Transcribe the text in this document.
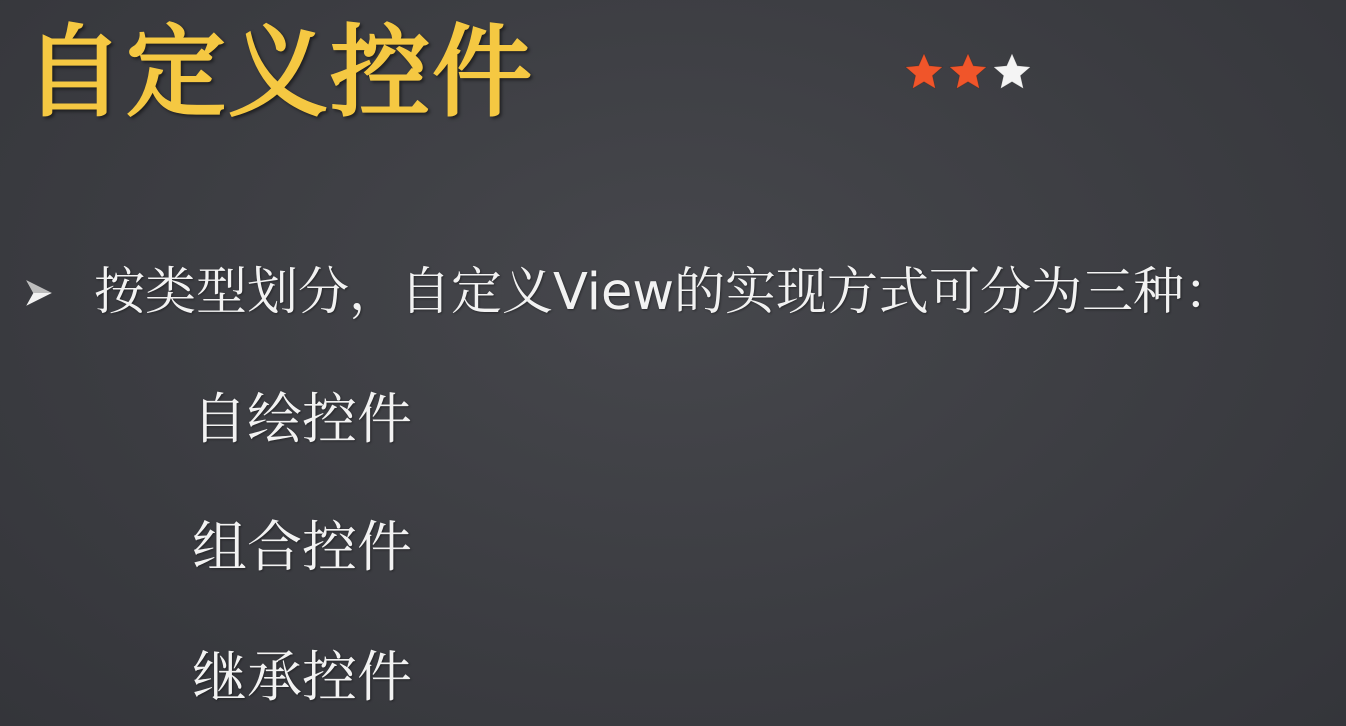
自定义控件
按类型划分，自定义View的实现方式可分为三种：
自绘控件
组合控件
继承控件
